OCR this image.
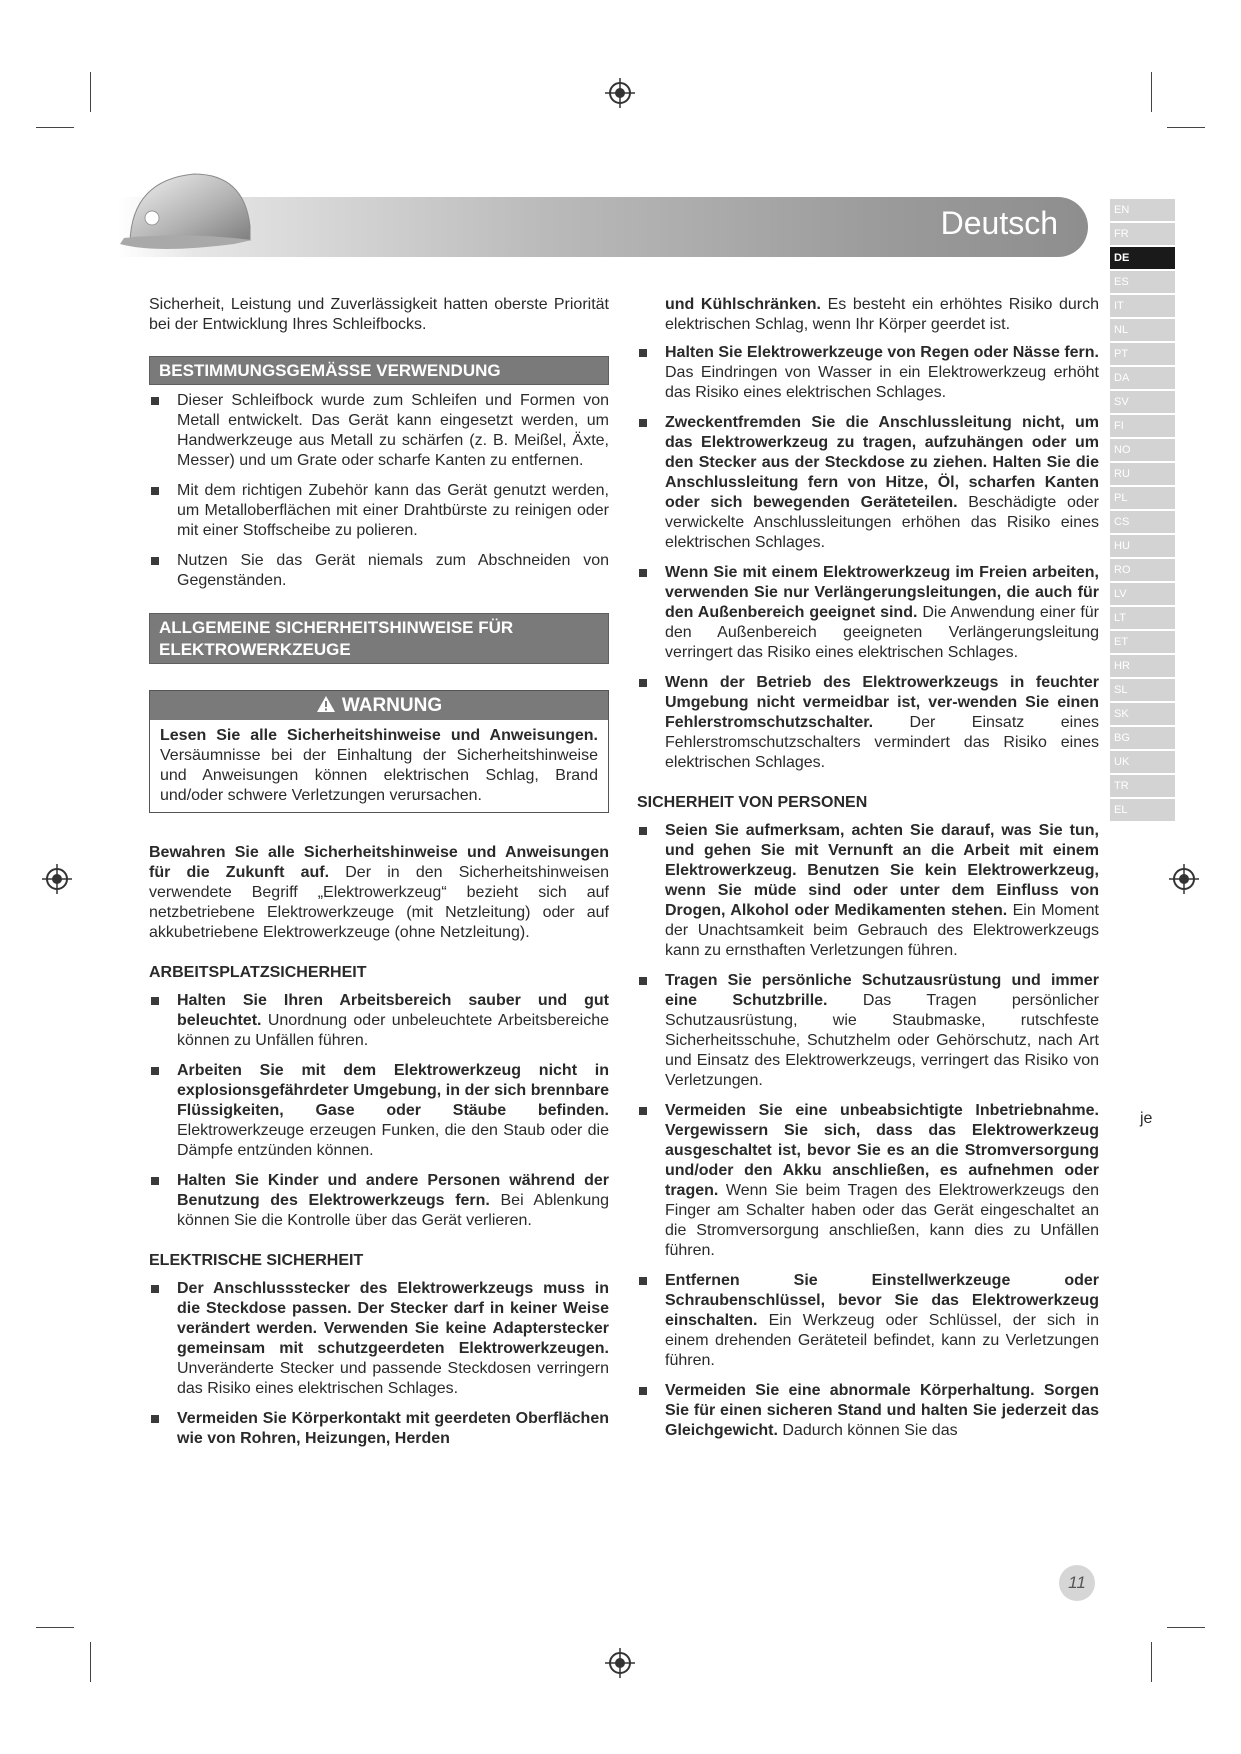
Deutsch	EN
FR
DE
ES
IT
NL
PT
DA
SV
FI
NO
RU
PL
CS
HU
RO
LV
LT
ET
HR
SL
SK
BG
UK
TR
EL

Sicherheit, Leistung und Zuverlässigkeit hatten oberste Priorität bei der Entwicklung Ihres Schleifbocks.

BESTIMMUNGSGEMÄSSE VERWENDUNG
Dieser Schleifbock wurde zum Schleifen und Formen von Metall entwickelt. Das Gerät kann eingesetzt werden, um Handwerkzeuge aus Metall zu schärfen (z. B. Meißel, Äxte, Messer) und um Grate oder scharfe Kanten zu entfernen.
Mit dem richtigen Zubehör kann das Gerät genutzt werden, um Metalloberflächen mit einer Drahtbürste zu reinigen oder mit einer Stoffscheibe zu polieren.
Nutzen Sie das Gerät niemals zum Abschneiden von Gegenständen.
ALLGEMEINE SICHERHEITSHINWEISE FÜR ELEKTROWERKZEUGE
WARNUNG
Lesen Sie alle Sicherheitshinweise und Anweisungen. Versäumnisse bei der Einhaltung der Sicherheitshinweise und Anweisungen können elektrischen Schlag, Brand und/oder schwere Verletzungen verursachen.

Bewahren Sie alle Sicherheitshinweise und Anweisungen für die Zukunft auf. Der in den Sicherheitshinweisen verwendete Begriff „Elektrowerkzeug“ bezieht sich auf netzbetriebene Elektrowerkzeuge (mit Netzleitung) oder auf akkubetriebene Elektrowerkzeuge (ohne Netzleitung).

ARBEITSPLATZSICHERHEIT
Halten Sie Ihren Arbeitsbereich sauber und gut beleuchtet. Unordnung oder unbeleuchtete Arbeitsbereiche können zu Unfällen führen.
Arbeiten Sie mit dem Elektrowerkzeug nicht in explosionsgefährdeter Umgebung, in der sich brennbare Flüssigkeiten, Gase oder Stäube befinden. Elektrowerkzeuge erzeugen Funken, die den Staub oder die Dämpfe entzünden können.
Halten Sie Kinder und andere Personen während der Benutzung des Elektrowerkzeugs fern. Bei Ablenkung können Sie die Kontrolle über das Gerät verlieren.
ELEKTRISCHE SICHERHEIT
Der Anschlussstecker des Elektrowerkzeugs muss in die Steckdose passen. Der Stecker darf in keiner Weise verändert werden. Verwenden Sie keine Adapterstecker gemeinsam mit schutzgeerdeten Elektrowerkzeugen. Unveränderte Stecker und passende Steckdosen verringern das Risiko eines elektrischen Schlages.
Vermeiden Sie Körperkontakt mit geerdeten Oberflächen wie von Rohren, Heizungen, Herden

und Kühlschränken. Es besteht ein erhöhtes Risiko durch elektrischen Schlag, wenn Ihr Körper geerdet ist.

Halten Sie Elektrowerkzeuge von Regen oder Nässe fern. Das Eindringen von Wasser in ein Elektrowerkzeug erhöht das Risiko eines elektrischen Schlages.
Zweckentfremden Sie die Anschlussleitung nicht, um das Elektrowerkzeug zu tragen, aufzuhängen oder um den Stecker aus der Steckdose zu ziehen. Halten Sie die Anschlussleitung fern von Hitze, Öl, scharfen Kanten oder sich bewegenden Geräteteilen. Beschädigte oder verwickelte Anschlussleitungen erhöhen das Risiko eines elektrischen Schlages.
Wenn Sie mit einem Elektrowerkzeug im Freien arbeiten, verwenden Sie nur Verlängerungsleitungen, die auch für den Außenbereich geeignet sind. Die Anwendung einer für den Außenbereich geeigneten Verlängerungsleitung verringert das Risiko eines elektrischen Schlages.
Wenn der Betrieb des Elektrowerkzeugs in feuchter Umgebung nicht vermeidbar ist, ver-wenden Sie einen Fehlerstromschutzschalter. Der Einsatz eines Fehlerstromschutzschalters vermindert das Risiko eines elektrischen Schlages.
SICHERHEIT VON PERSONEN
Seien Sie aufmerksam, achten Sie darauf, was Sie tun, und gehen Sie mit Vernunft an die Arbeit mit einem Elektrowerkzeug. Benutzen Sie kein Elektrowerkzeug, wenn Sie müde sind oder unter dem Einfluss von Drogen, Alkohol oder Medikamenten stehen. Ein Moment der Unachtsamkeit beim Gebrauch des Elektrowerkzeugs kann zu ernsthaften Verletzungen führen.
Tragen Sie persönliche Schutzausrüstung und immer eine Schutzbrille. Das Tragen persönlicher Schutzausrüstung, wie Staubmaske, rutschfeste Sicherheitsschuhe, Schutzhelm oder Gehörschutz, nach Art und Einsatz des Elektrowerkzeugs, verringert das Risiko von Verletzungen.
Vermeiden Sie eine unbeabsichtigte Inbetriebnahme. Vergewissern Sie sich, dass das Elektrowerkzeug ausgeschaltet ist, bevor Sie es an die Stromversorgung und/oder den Akku anschließen, es aufnehmen oder tragen. Wenn Sie beim Tragen des Elektrowerkzeugs den Finger am Schalter haben oder das Gerät eingeschaltet an die Stromversorgung anschließen, kann dies zu Unfällen führen.
Entfernen Sie Einstellwerkzeuge oder Schraubenschlüssel, bevor Sie das Elektrowerkzeug einschalten. Ein Werkzeug oder Schlüssel, der sich in einem drehenden Geräteteil befindet, kann zu Verletzungen führen.
Vermeiden Sie eine abnormale Körperhaltung. Sorgen Sie für einen sicheren Stand und halten Sie jederzeit das Gleichgewicht. Dadurch können Sie das
je
11
